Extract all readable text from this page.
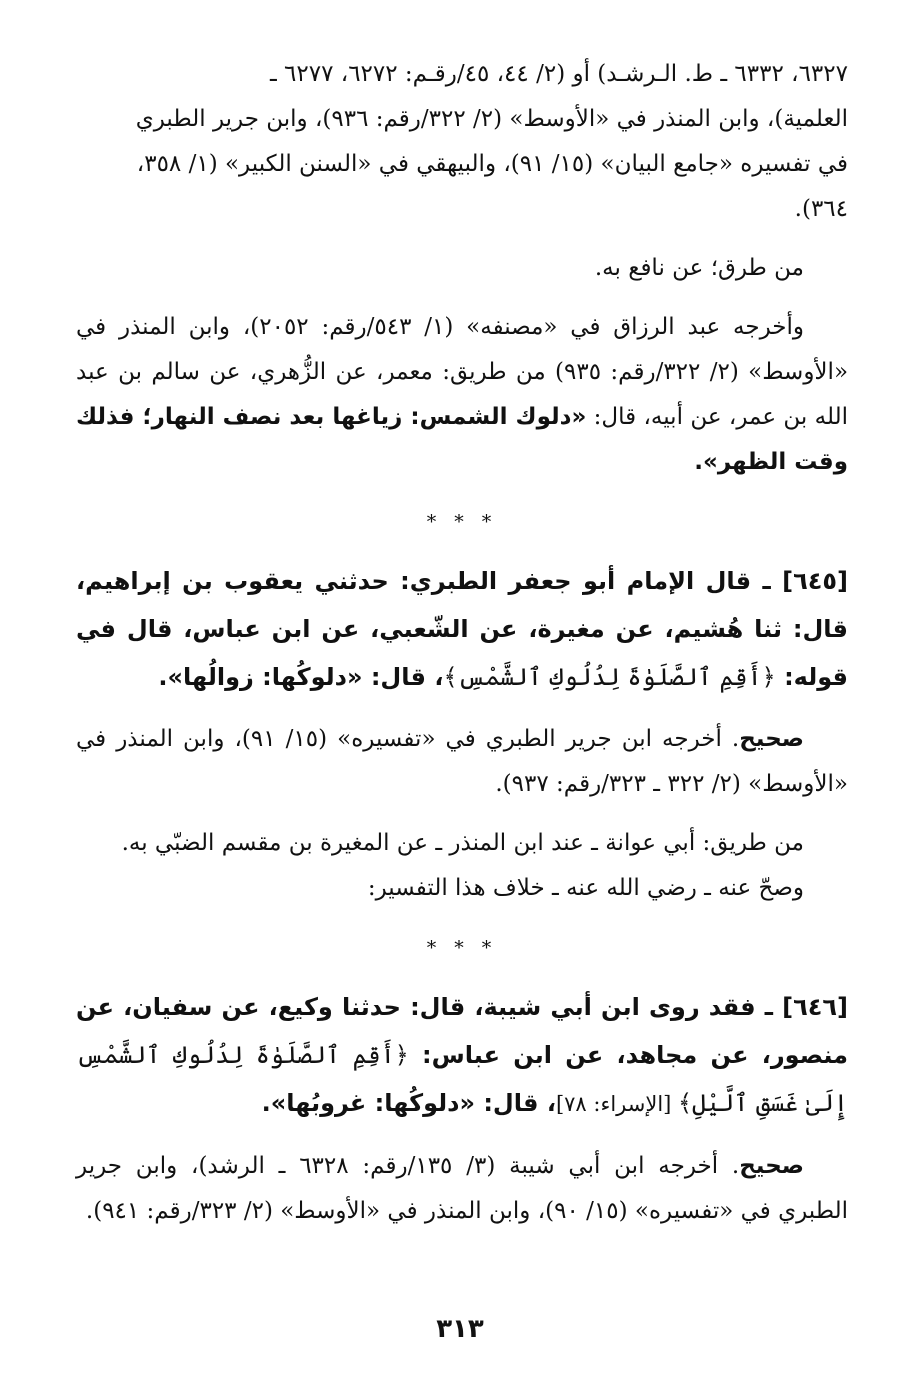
٦٣٢٧، ٦٣٣٢ ـ ط. الـرشـد) أو (٢/ ٤٤، ٤٥/رقـم: ٦٢٧٢، ٦٢٧٧ ـ
العلمية)، وابن المنذر في «الأوسط» (٢/ ٣٢٢/رقم: ٩٣٦)، وابن جرير الطبري
في تفسيره «جامع البيان» (١٥/ ٩١)، والبيهقي في «السنن الكبير» (١/ ٣٥٨،
٣٦٤).

من طرق؛ عن نافع به.

وأخرجه عبد الرزاق في «مصنفه» (١/ ٥٤٣/رقم: ٢٠٥٢)، وابن المنذر في «الأوسط» (٢/ ٣٢٢/رقم: ٩٣٥) من طريق: معمر، عن الزُّهري، عن سالم بن عبد الله بن عمر، عن أبيه، قال: «دلوك الشمس: زياغها بعد نصف النهار؛ فذلك وقت الظهر».

* * *

[٦٤٥] ـ قال الإمام أبو جعفر الطبري: حدثني يعقوب بن إبراهيم، قال: ثنا هُشيم، عن مغيرة، عن الشّعبي، عن ابن عباس، قال في قوله: ﴿أَقِمِ ٱلصَّلَوٰةَ لِدُلُوكِ ٱلشَّمْسِ﴾، قال: «دلوكُها: زوالُها».

صحيح. أخرجه ابن جرير الطبري في «تفسيره» (١٥/ ٩١)، وابن المنذر في «الأوسط» (٢/ ٣٢٢ ـ ٣٢٣/رقم: ٩٣٧).

من طريق: أبي عوانة ـ عند ابن المنذر ـ عن المغيرة بن مقسم الضبّي به.

وصحّ عنه ـ رضي الله عنه ـ خلاف هذا التفسير:

* * *

[٦٤٦] ـ فقد روى ابن أبي شيبة، قال: حدثنا وكيع، عن سفيان، عن منصور، عن مجاهد، عن ابن عباس: ﴿أَقِمِ ٱلصَّلَوٰةَ لِدُلُوكِ ٱلشَّمْسِ إِلَىٰ غَسَقِ ٱلَّيْلِ﴾ [الإسراء: ٧٨]، قال: «دلوكُها: غروبُها».

صحيح. أخرجه ابن أبي شيبة (٣/ ١٣٥/رقم: ٦٣٢٨ ـ الرشد)، وابن جرير الطبري في «تفسيره» (١٥/ ٩٠)، وابن المنذر في «الأوسط» (٢/ ٣٢٣/رقم: ٩٤١).

٣١٣
